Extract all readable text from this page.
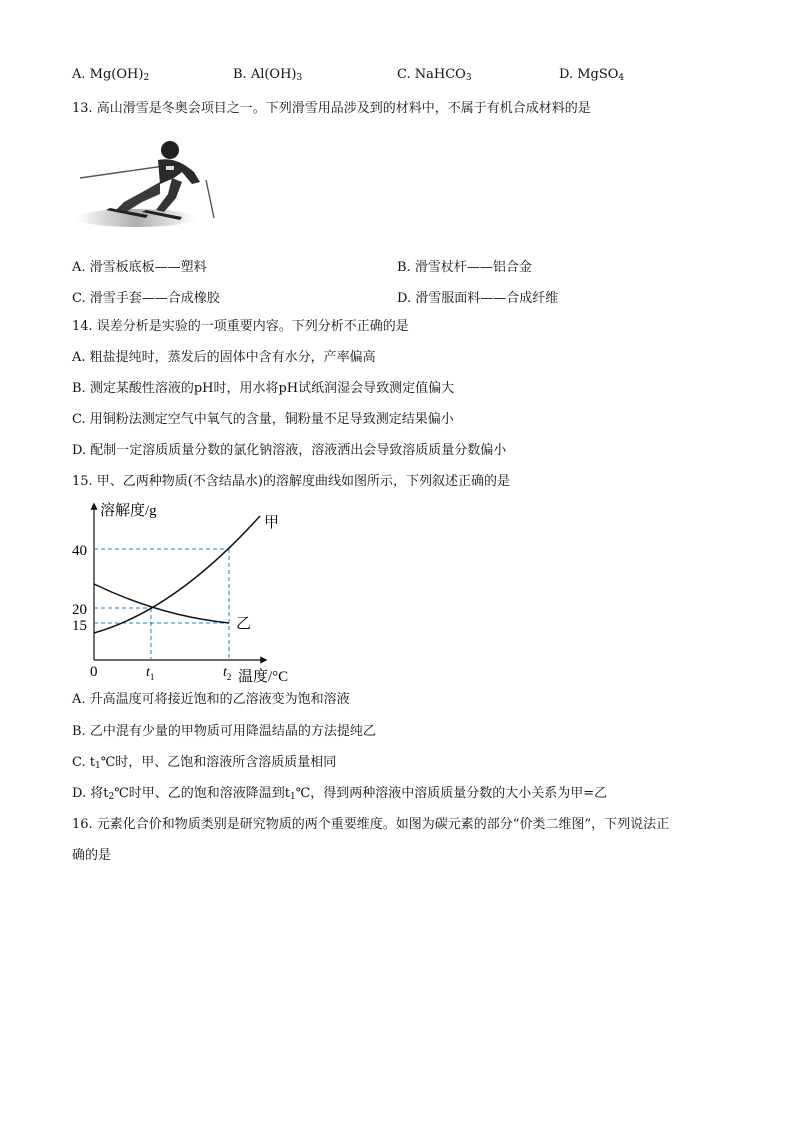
A. $Mg(OH)_2$	B. $Al(OH)_3$	C. NaHCO$_3$	D. MgSO$_4$
13. 高山滑雪是冬奥会项目之一。下列滑雪用品涉及到的材料中，不属于有机合成材料的是
A. 滑雪板底板——塑料	B. 滑雪杖杆——铝合金
C. 滑雪手套——合成橡胶	D. 滑雪服面料——合成纤维
14. 误差分析是实验的一项重要内容。下列分析不正确的是
A. 粗盐提纯时，蒸发后的固体中含有水分，产率偏高
B. 测定某酸性溶液的pH时，用水将pH试纸润湿会导致测定值偏大
C. 用铜粉法测定空气中氧气的含量，铜粉量不足导致测定结果偏小
D. 配制一定溶质质量分数的氯化钠溶液，溶液洒出会导致溶质质量分数偏小
15. 甲、乙两种物质(不含结晶水)的溶解度曲线如图所示，下列叙述正确的是
溶解度/g
温度/°C
0
40
20
15
$t_1$	$t_2$
甲
乙
A. 升高温度可将接近饱和的乙溶液变为饱和溶液
B. 乙中混有少量的甲物质可用降温结晶的方法提纯乙
C. $t_1℃$时，甲、乙饱和溶液所含溶质质量相同
D. 将$t_2℃$时甲、乙的饱和溶液降温到$t_1℃$，得到两种溶液中溶质质量分数的大小关系为甲=乙
16. 元素化合价和物质类别是研究物质的两个重要维度。如图为碳元素的部分“价类二维图”，下列说法正
确的是
